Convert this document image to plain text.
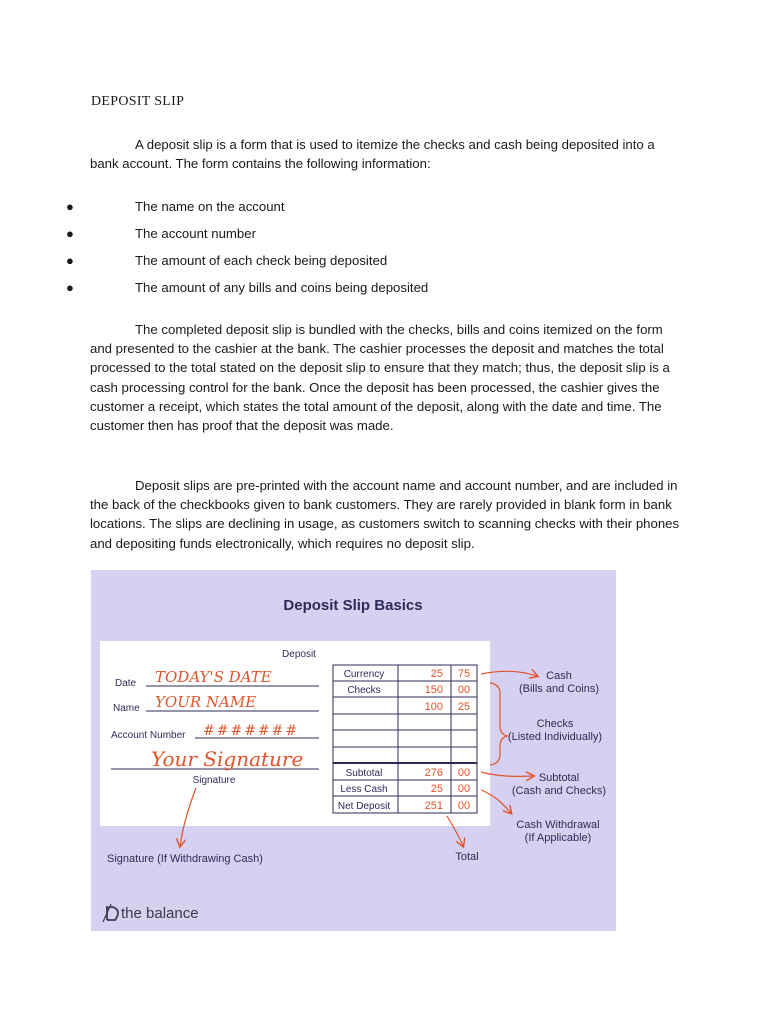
DEPOSIT SLIP

A deposit slip is a form that is used to itemize the checks and cash being deposited into a bank account. The form contains the following information:

●	The name on the account
●	The account number
●	The amount of each check being deposited
●	The amount of any bills and coins being deposited

The completed deposit slip is bundled with the checks, bills and coins itemized on the form and presented to the cashier at the bank. The cashier processes the deposit and matches the total processed to the total stated on the deposit slip to ensure that they match; thus, the deposit slip is a cash processing control for the bank. Once the deposit has been processed, the cashier gives the customer a receipt, which states the total amount of the deposit, along with the date and time. The customer then has proof that the deposit was made.

Deposit slips are pre-printed with the account name and account number, and are included in the back of the checkbooks given to bank customers. They are rarely provided in blank form in bank locations. The slips are declining in usage, as customers switch to scanning checks with their phones and depositing funds electronically, which requires no deposit slip.

Deposit Slip Basics
Deposit
Date TODAY'S DATE
Name YOUR NAME
Account Number #######
Your Signature
Signature
Currency	25 75
Checks	150 00
100 25
Subtotal	276 00
Less Cash	25 00
Net Deposit	251 00
Cash
(Bills and Coins)
Checks
(Listed Individually)
Subtotal
(Cash and Checks)
Cash Withdrawal
(If Applicable)
Total
Signature (If Withdrawing Cash)
the balance
